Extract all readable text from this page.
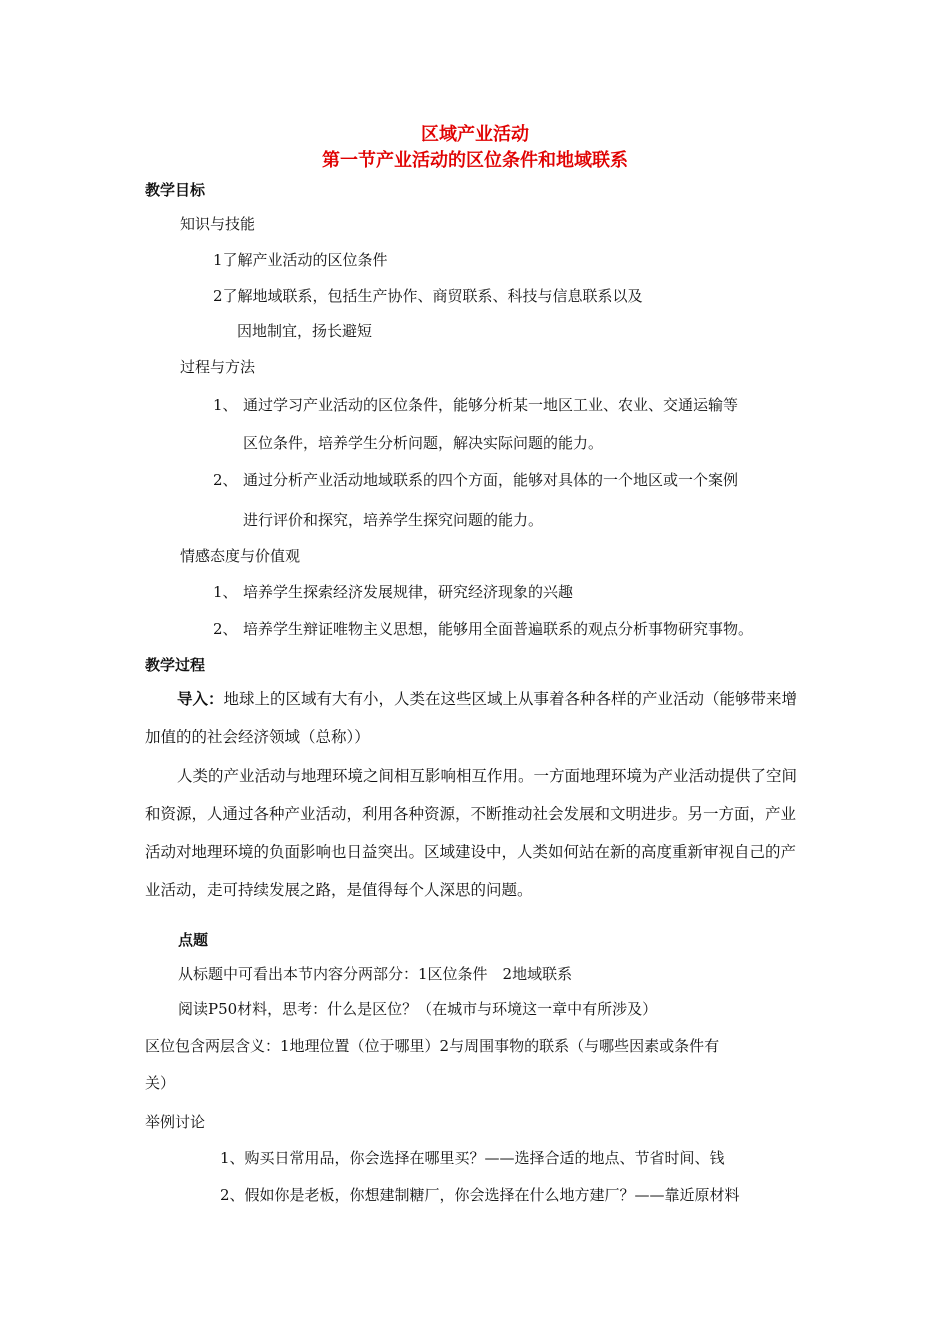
区域产业活动
第一节产业活动的区位条件和地域联系
教学目标
知识与技能
1了解产业活动的区位条件
2了解地域联系，包括生产协作、商贸联系、科技与信息联系以及
因地制宜，扬长避短
过程与方法
1、 通过学习产业活动的区位条件，能够分析某一地区工业、农业、交通运输等
区位条件，培养学生分析问题，解决实际问题的能力。
2、 通过分析产业活动地域联系的四个方面，能够对具体的一个地区或一个案例
进行评价和探究，培养学生探究问题的能力。
情感态度与价值观
1、 培养学生探索经济发展规律，研究经济现象的兴趣
2、 培养学生辩证唯物主义思想，能够用全面普遍联系的观点分析事物研究事物。
教学过程
导入：地球上的区域有大有小，人类在这些区域上从事着各种各样的产业活动（能够带来增加值的的社会经济领域（总称））
人类的产业活动与地理环境之间相互影响相互作用。一方面地理环境为产业活动提供了空间和资源，人通过各种产业活动，利用各种资源，不断推动社会发展和文明进步。另一方面，产业活动对地理环境的负面影响也日益突出。区域建设中，人类如何站在新的高度重新审视自己的产业活动，走可持续发展之路，是值得每个人深思的问题。
点题
从标题中可看出本节内容分两部分：1区位条件　2地域联系
阅读P50材料，思考：什么是区位？（在城市与环境这一章中有所涉及）
区位包含两层含义：1地理位置（位于哪里）2与周围事物的联系（与哪些因素或条件有
关）
举例讨论
1、购买日常用品，你会选择在哪里买？——选择合适的地点、节省时间、钱
2、假如你是老板，你想建制糖厂，你会选择在什么地方建厂？——靠近原材料
